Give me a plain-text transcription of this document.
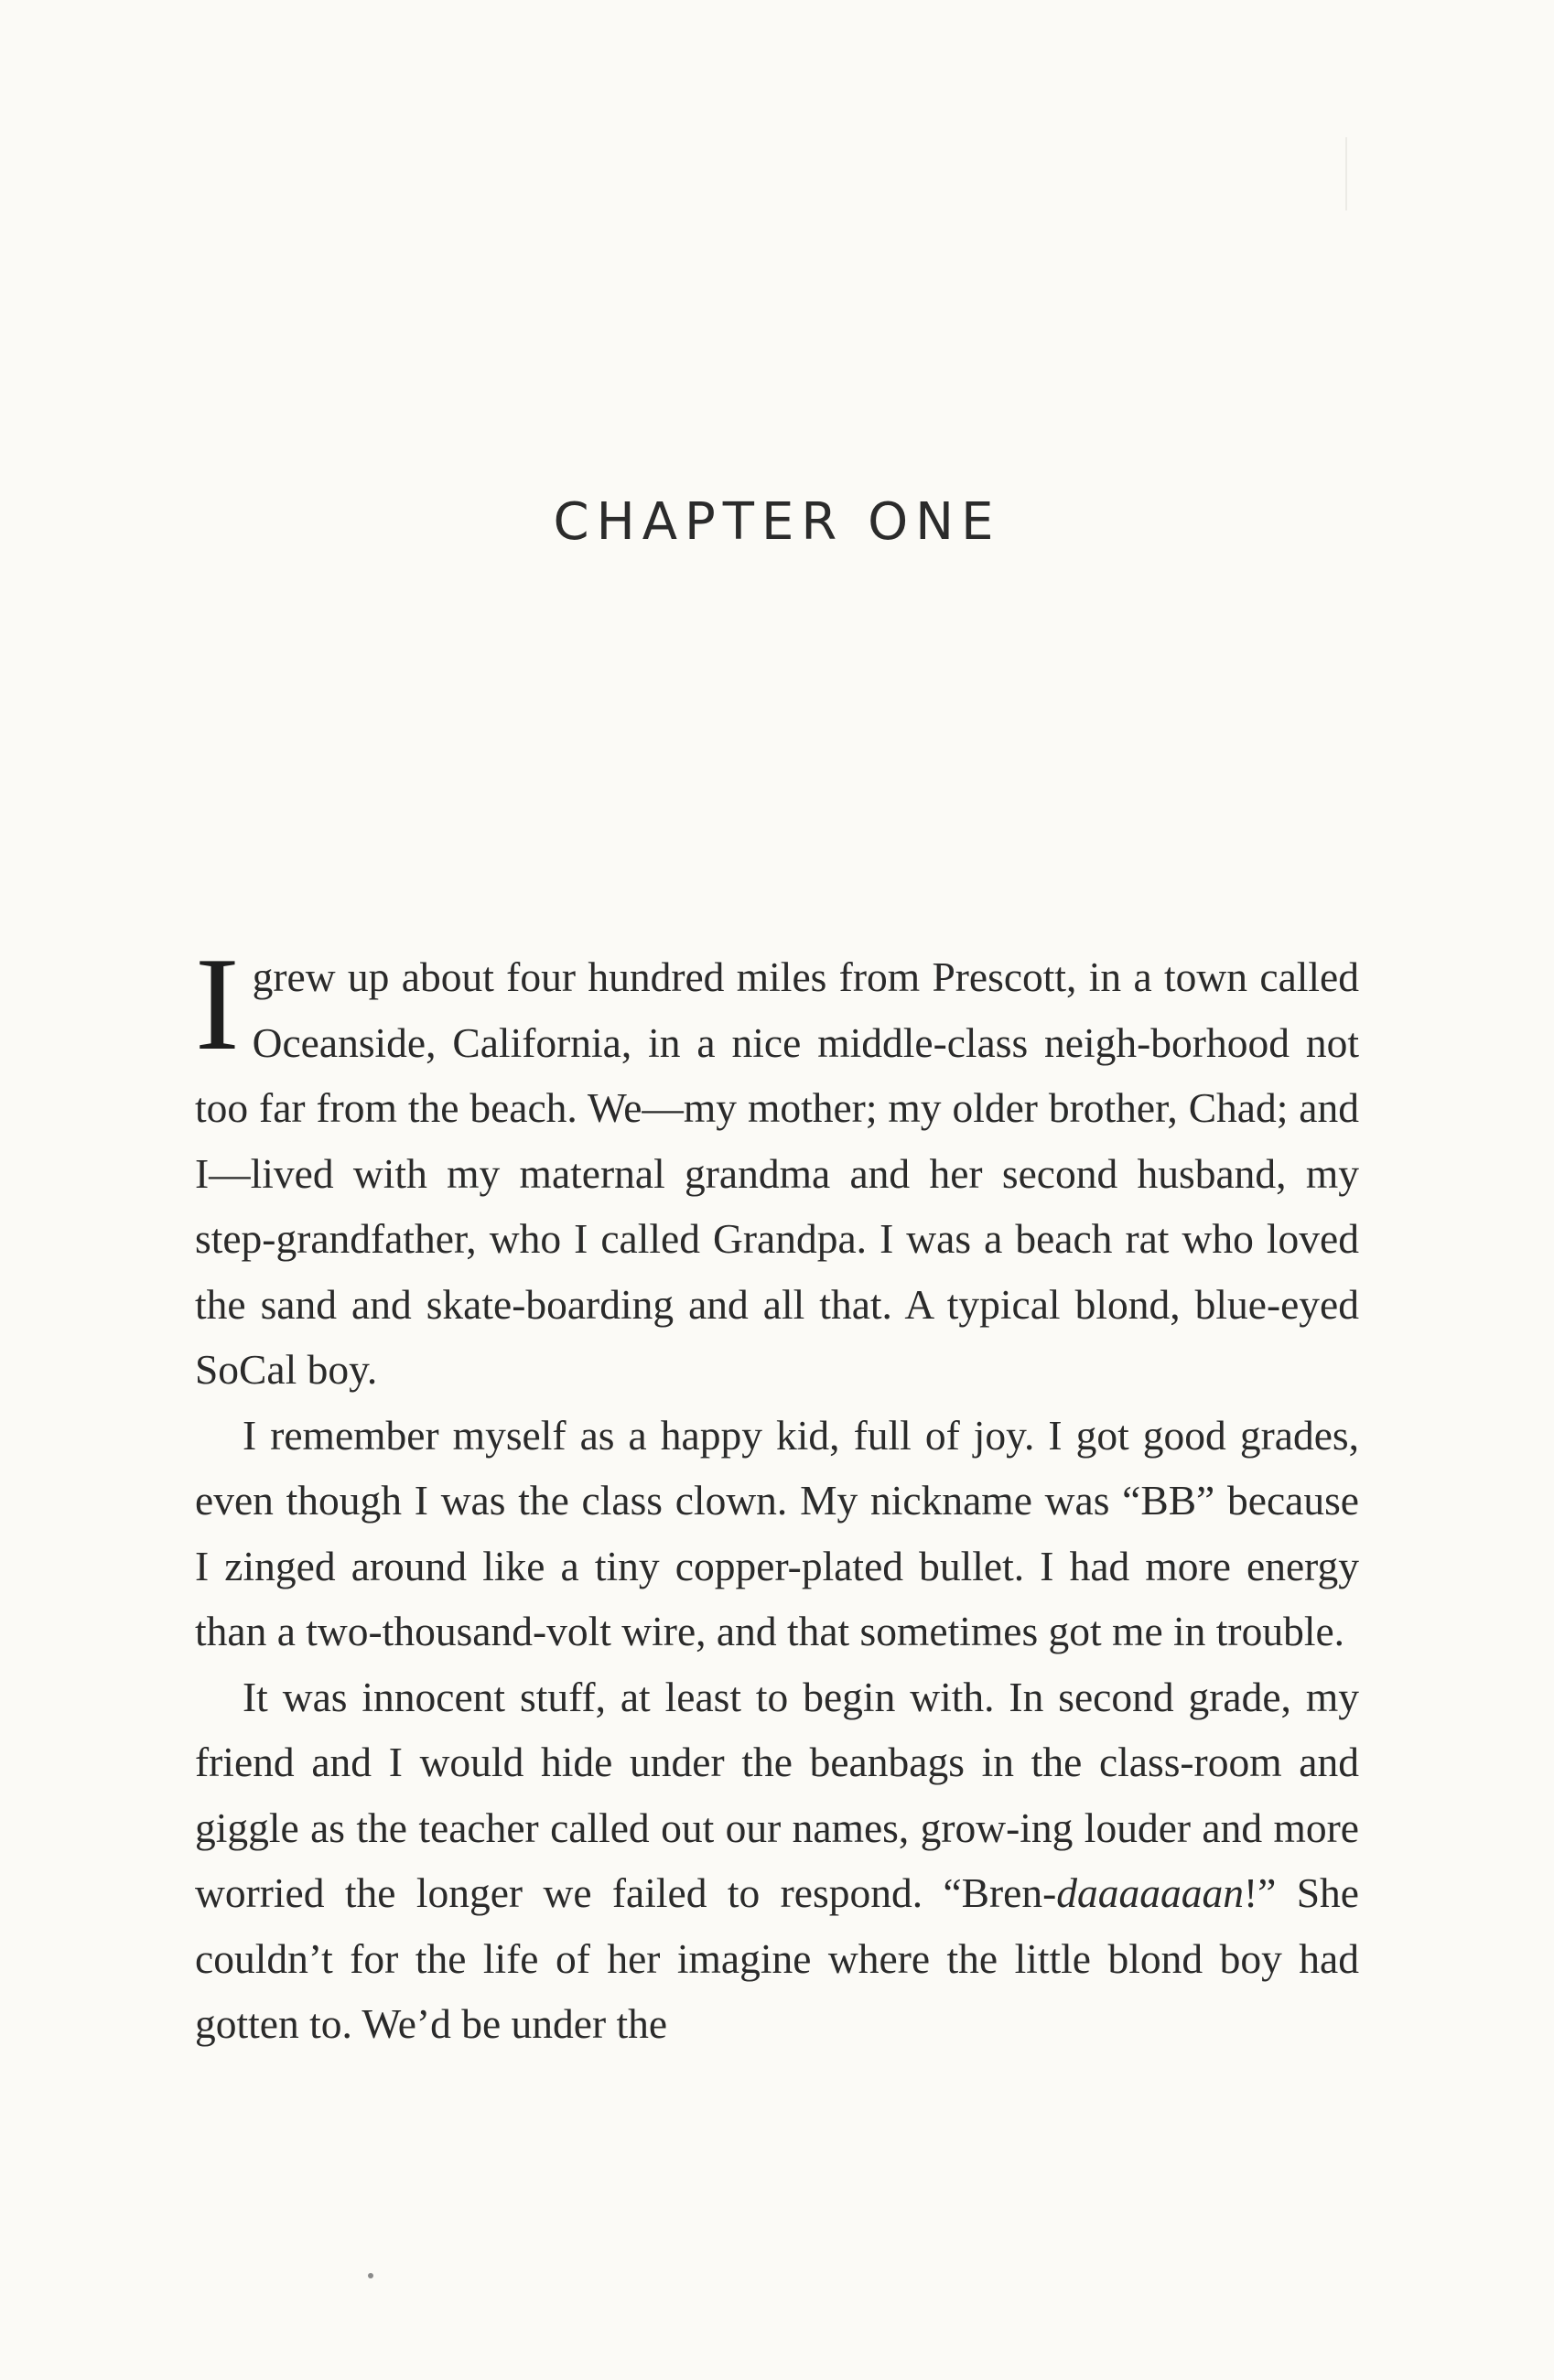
CHAPTER ONE

Igrew up about four hundred miles from Prescott, in a town called Oceanside, California, in a nice middle-class neigh-borhood not too far from the beach. We—my mother; my older brother, Chad; and I—lived with my maternal grandma and her second husband, my step-grandfather, who I called Grandpa. I was a beach rat who loved the sand and skate-boarding and all that. A typical blond, blue-eyed SoCal boy.

I remember myself as a happy kid, full of joy. I got good grades, even though I was the class clown. My nickname was “BB” because I zinged around like a tiny copper-plated bullet. I had more energy than a two-thousand-volt wire, and that sometimes got me in trouble.

It was innocent stuff, at least to begin with. In second grade, my friend and I would hide under the beanbags in the class-room and giggle as the teacher called out our names, grow-ing louder and more worried the longer we failed to respond. “Bren-daaaaaaan!” She couldn’t for the life of her imagine where the little blond boy had gotten to. We’d be under the
